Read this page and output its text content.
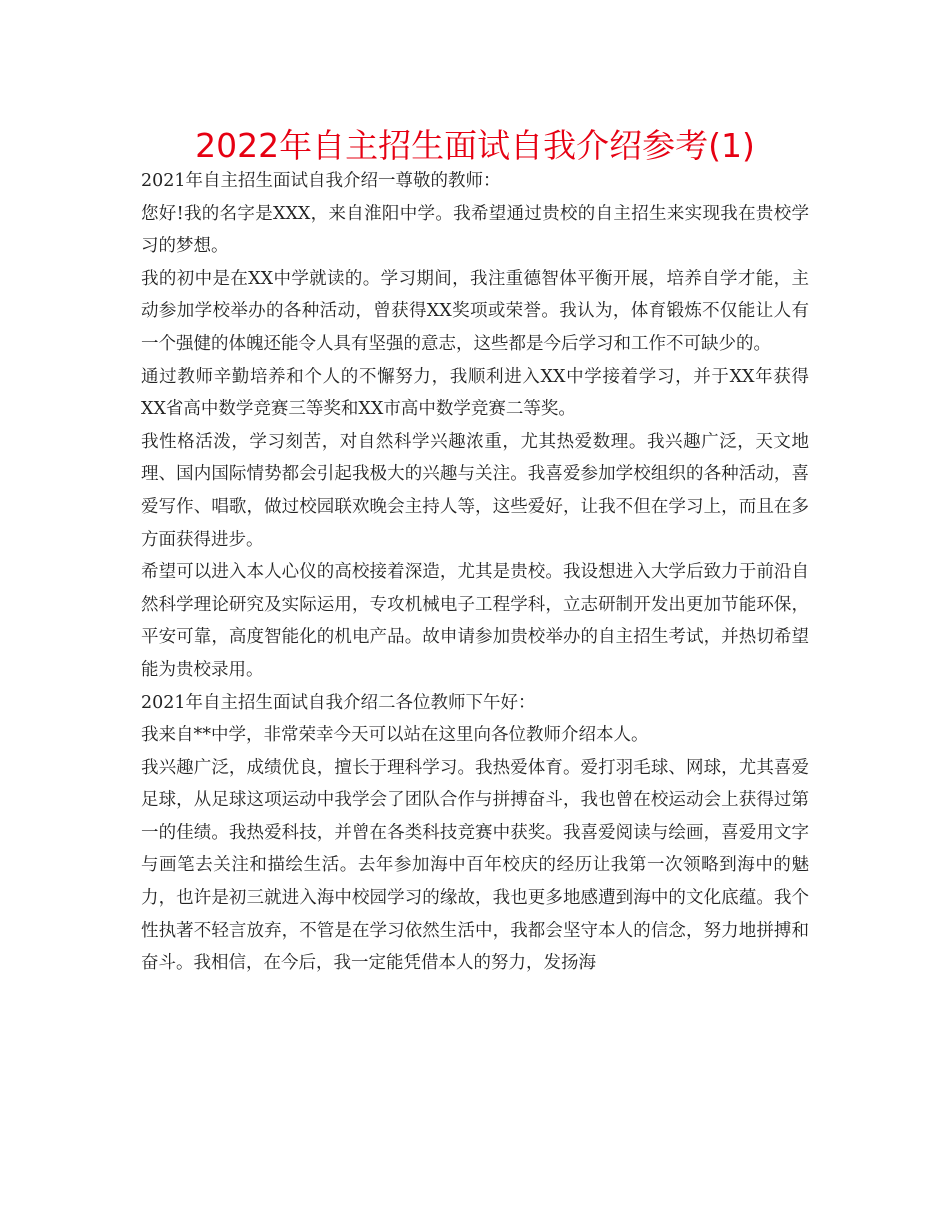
2022年自主招生面试自我介绍参考(1)

2021年自主招生面试自我介绍一尊敬的教师：

您好!我的名字是XXX，来自淮阳中学。我希望通过贵校的自主招生来实现我在贵校学习的梦想。

我的初中是在XX中学就读的。学习期间，我注重德智体平衡开展，培养自学才能，主动参加学校举办的各种活动，曾获得XX奖项或荣誉。我认为，体育锻炼不仅能让人有一个强健的体魄还能令人具有坚强的意志，这些都是今后学习和工作不可缺少的。

通过教师辛勤培养和个人的不懈努力，我顺利进入XX中学接着学习，并于XX年获得XX省高中数学竞赛三等奖和XX市高中数学竞赛二等奖。

我性格活泼，学习刻苦，对自然科学兴趣浓重，尤其热爱数理。我兴趣广泛，天文地理、国内国际情势都会引起我极大的兴趣与关注。我喜爱参加学校组织的各种活动，喜爱写作、唱歌，做过校园联欢晚会主持人等，这些爱好，让我不但在学习上，而且在多方面获得进步。

希望可以进入本人心仪的高校接着深造，尤其是贵校。我设想进入大学后致力于前沿自然科学理论研究及实际运用，专攻机械电子工程学科，立志研制开发出更加节能环保，平安可靠，高度智能化的机电产品。故申请参加贵校举办的自主招生考试，并热切希望能为贵校录用。

2021年自主招生面试自我介绍二各位教师下午好：

我来自**中学，非常荣幸今天可以站在这里向各位教师介绍本人。

我兴趣广泛，成绩优良，擅长于理科学习。我热爱体育。爱打羽毛球、网球，尤其喜爱足球，从足球这项运动中我学会了团队合作与拼搏奋斗，我也曾在校运动会上获得过第一的佳绩。我热爱科技，并曾在各类科技竞赛中获奖。我喜爱阅读与绘画，喜爱用文字与画笔去关注和描绘生活。去年参加海中百年校庆的经历让我第一次领略到海中的魅力，也许是初三就进入海中校园学习的缘故，我也更多地感遭到海中的文化底蕴。我个性执著不轻言放弃，不管是在学习依然生活中，我都会坚守本人的信念，努力地拼搏和奋斗。我相信，在今后，我一定能凭借本人的努力，发扬海
